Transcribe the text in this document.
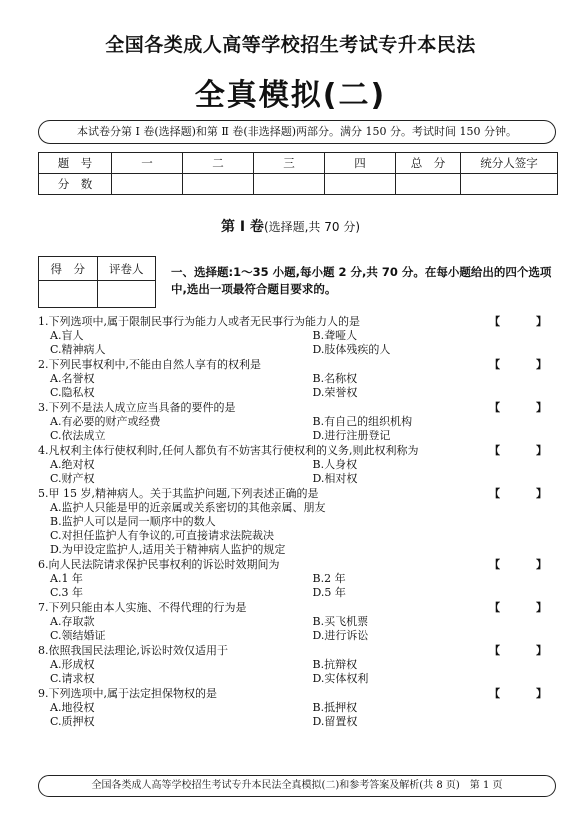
全国各类成人高等学校招生考试专升本民法
全真模拟(二)
本试卷分第 Ⅰ 卷(选择题)和第 Ⅱ 卷(非选择题)两部分。满分 150 分。考试时间 150 分钟。
题　号	一	二	三	四	总　分	统分人签字
分　数						
第 Ⅰ 卷(选择题,共 70 分)
得　分	评卷人
	一、选择题:1～35 小题,每小题 2 分,共 70 分。在每小题给出的四个选项中,选出一项最符合题目要求的。
1.下列选项中,属于限制民事行为能力人或者无民事行为能力人的是	【 】
A.盲人	B.聋哑人
C.精神病人	D.肢体残疾的人
2.下列民事权利中,不能由自然人享有的权利是	【 】
A.名誉权	B.名称权
C.隐私权	D.荣誉权
3.下列不是法人成立应当具备的要件的是	【 】
A.有必要的财产或经费	B.有自己的组织机构
C.依法成立	D.进行注册登记
4.凡权利主体行使权利时,任何人都负有不妨害其行使权利的义务,则此权利称为	【 】
A.绝对权	B.人身权
C.财产权	D.相对权
5.甲 15 岁,精神病人。关于其监护问题,下列表述正确的是	【 】
A.监护人只能是甲的近亲属或关系密切的其他亲属、朋友
B.监护人可以是同一顺序中的数人
C.对担任监护人有争议的,可直接请求法院裁决
D.为甲设定监护人,适用关于精神病人监护的规定
6.向人民法院请求保护民事权利的诉讼时效期间为	【 】
A.1 年	B.2 年
C.3 年	D.5 年
7.下列只能由本人实施、不得代理的行为是	【 】
A.存取款	B.买飞机票
C.领结婚证	D.进行诉讼
8.依照我国民法理论,诉讼时效仅适用于	【 】
A.形成权	B.抗辩权
C.请求权	D.实体权利
9.下列选项中,属于法定担保物权的是	【 】
A.地役权	B.抵押权
C.质押权	D.留置权
全国各类成人高等学校招生考试专升本民法全真模拟(二)和参考答案及解析(共 8 页)　第 1 页
